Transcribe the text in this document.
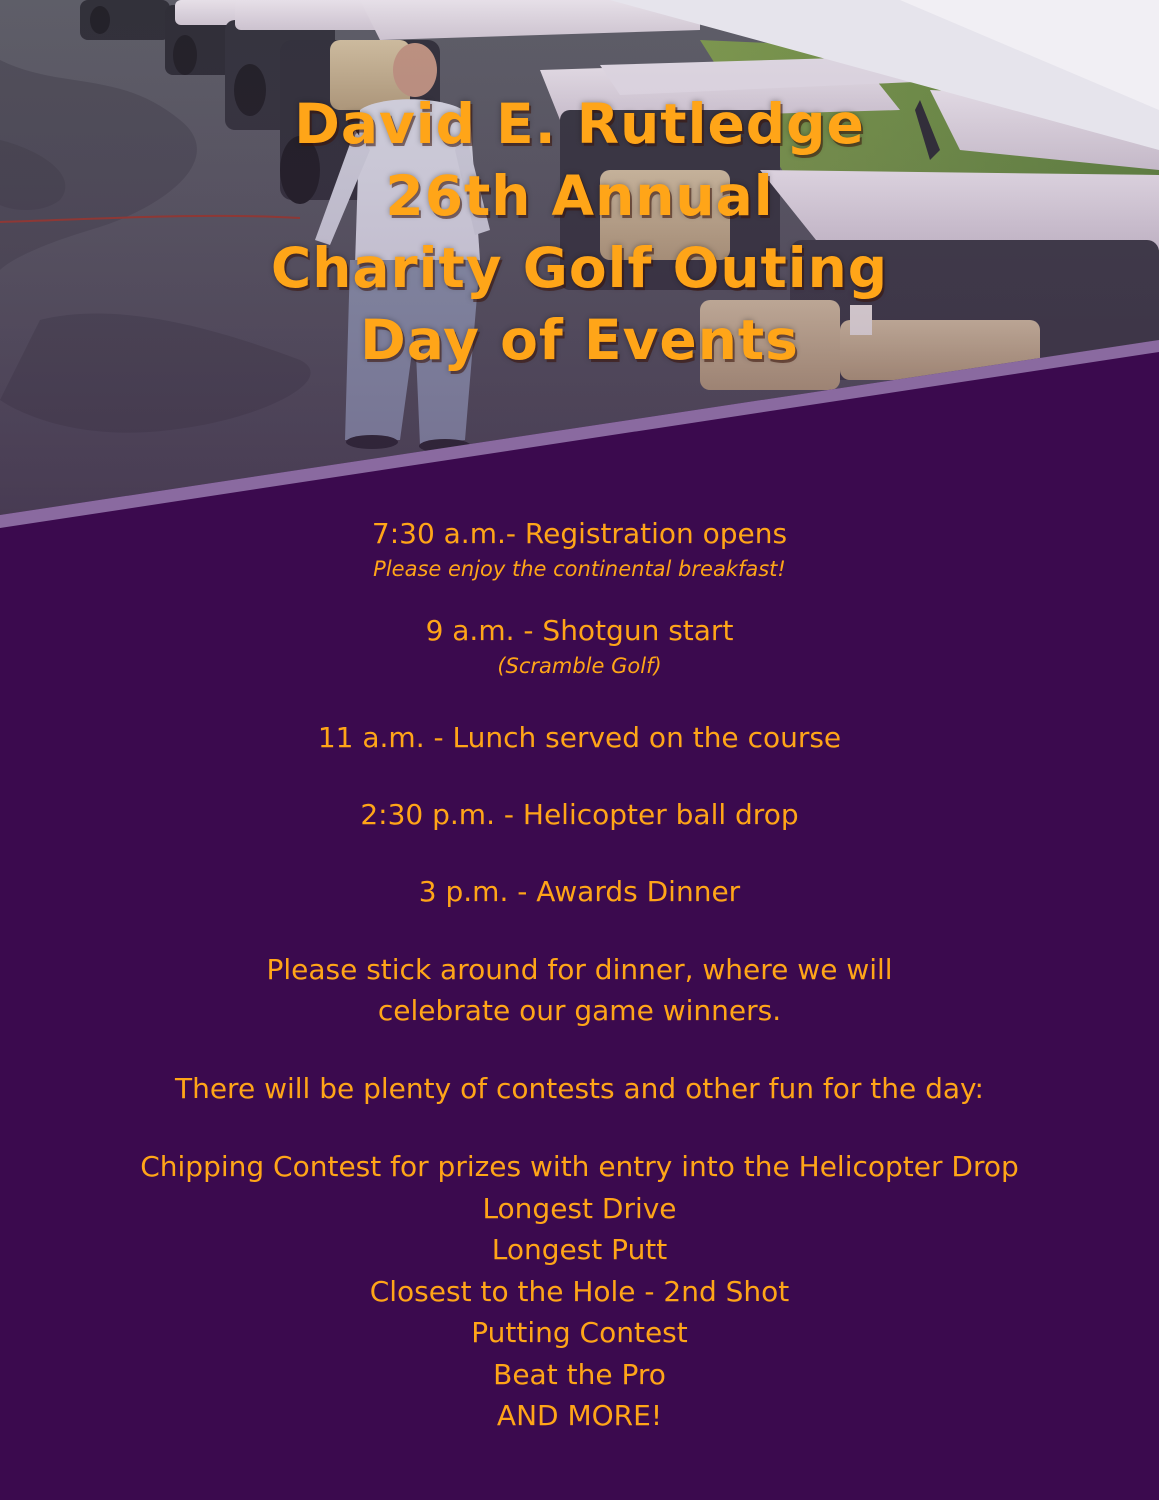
David E. Rutledge
26th Annual
Charity Golf Outing
Day of Events
7:30 a.m.- Registration opens
Please enjoy the continental breakfast!
9 a.m. - Shotgun start
(Scramble Golf)
11 a.m. - Lunch served on the course
2:30 p.m. - Helicopter ball drop
3 p.m. - Awards Dinner
Please stick around for dinner, where we will
celebrate our game winners.
There will be plenty of contests and other fun for the day:
Chipping Contest for prizes with entry into the Helicopter Drop
Longest Drive
Longest Putt
Closest to the Hole - 2nd Shot
Putting Contest
Beat the Pro
AND MORE!
